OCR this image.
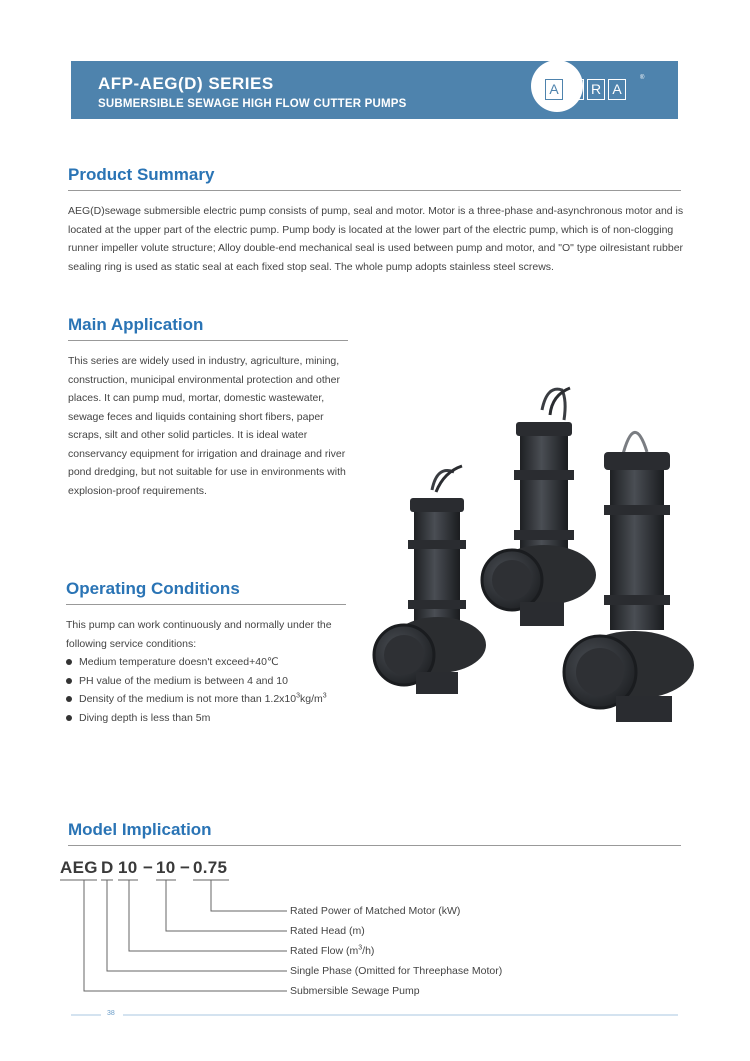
AFP-AEG(D) SERIES
SUBMERSIBLE SEWAGE HIGH FLOW CUTTER PUMPS
A F R A
®
Product Summary

AEG(D)sewage submersible electric pump consists of pump, seal and motor. Motor is a three-phase and-asynchronous motor and is located at the upper part of the electric pump. Pump body is located at the lower part of the electric pump, which is of non-clogging runner impeller volute structure; Alloy double-end mechanical seal is used between pump and motor, and "O" type oilresistant rubber sealing ring is used as static seal at each fixed stop seal. The whole pump adopts stainless steel screws.

Main Application

This series are widely used in industry, agriculture, mining, construction, municipal environmental protection and other places. It can pump mud, mortar, domestic wastewater, sewage feces and liquids containing short fibers, paper scraps, silt and other solid particles. It is ideal water conservancy equipment for irrigation and drainage and river pond dredging, but not suitable for use in environments with explosion-proof requirements.

Operating Conditions

This pump can work continuously and normally under the following service conditions:

Medium temperature doesn't exceed+40℃
PH value of the medium is between 4 and 10
Density of the medium is not more than $1.2x10^3kg/m^3$
Diving depth is less than 5m
Model Implication
AEG D 10 − 10 − 0.75
Rated Power of Matched Motor (kW)
Rated Head (m)
Rated Flow $(m^3/h)$
Single Phase (Omitted for Threephase Motor)
Submersible Sewage Pump
38
